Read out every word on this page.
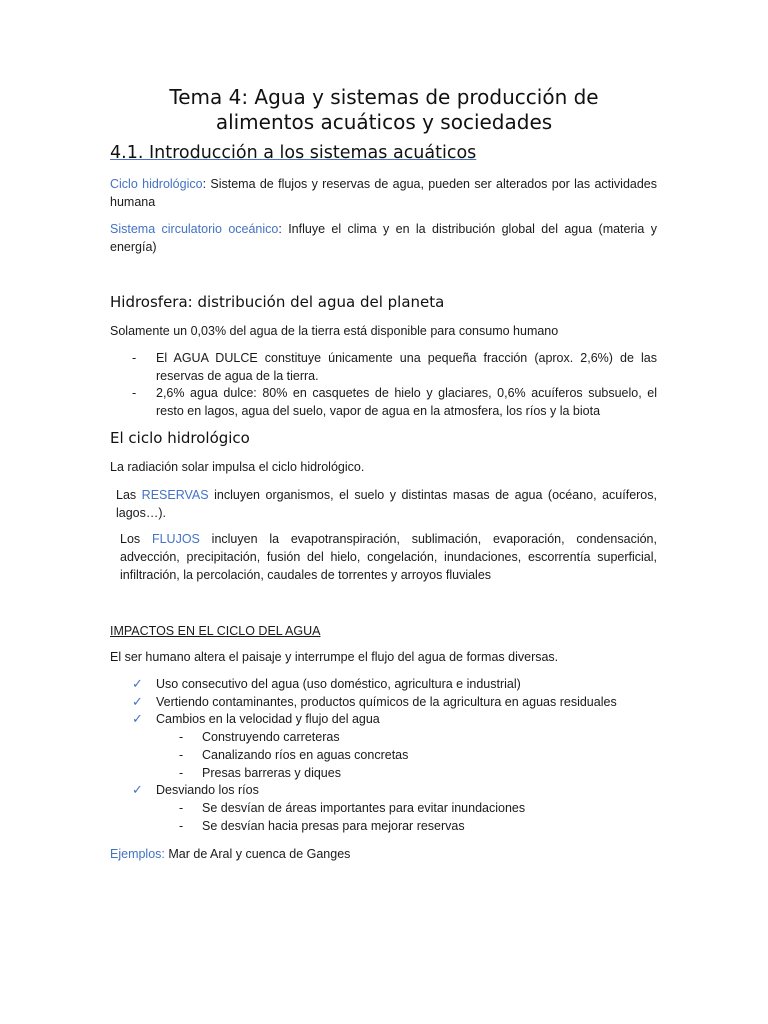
Tema 4: Agua y sistemas de producción de
alimentos acuáticos y sociedades
4.1. Introducción a los sistemas acuáticos

Ciclo hidrológico: Sistema de flujos y reservas de agua, pueden ser alterados por las actividades humana

Sistema circulatorio oceánico: Influye el clima y en la distribución global del agua (materia y energía)

Hidrosfera: distribución del agua del planeta

Solamente un 0,03% del agua de la tierra está disponible para consumo humano

- El AGUA DULCE constituye únicamente una pequeña fracción (aprox. 2,6%) de las reservas de agua de la tierra.
- 2,6% agua dulce: 80% en casquetes de hielo y glaciares, 0,6% acuíferos subsuelo, el resto en lagos, agua del suelo, vapor de agua en la atmosfera, los ríos y la biota
El ciclo hidrológico

La radiación solar impulsa el ciclo hidrológico.

Las RESERVAS incluyen organismos, el suelo y distintas masas de agua (océano, acuíferos, lagos…).

Los FLUJOS incluyen la evapotranspiración, sublimación, evaporación, condensación, advección, precipitación, fusión del hielo, congelación, inundaciones, escorrentía superficial, infiltración, la percolación, caudales de torrentes y arroyos fluviales

IMPACTOS EN EL CICLO DEL AGUA

El ser humano altera el paisaje y interrumpe el flujo del agua de formas diversas.

✓ Uso consecutivo del agua (uso doméstico, agricultura e industrial)
✓ Vertiendo contaminantes, productos químicos de la agricultura en aguas residuales
✓ Cambios en la velocidad y flujo del agua
- Construyendo carreteras
- Canalizando ríos en aguas concretas
- Presas barreras y diques
✓ Desviando los ríos
- Se desvían de áreas importantes para evitar inundaciones
- Se desvían hacia presas para mejorar reservas

Ejemplos: Mar de Aral y cuenca de Ganges
